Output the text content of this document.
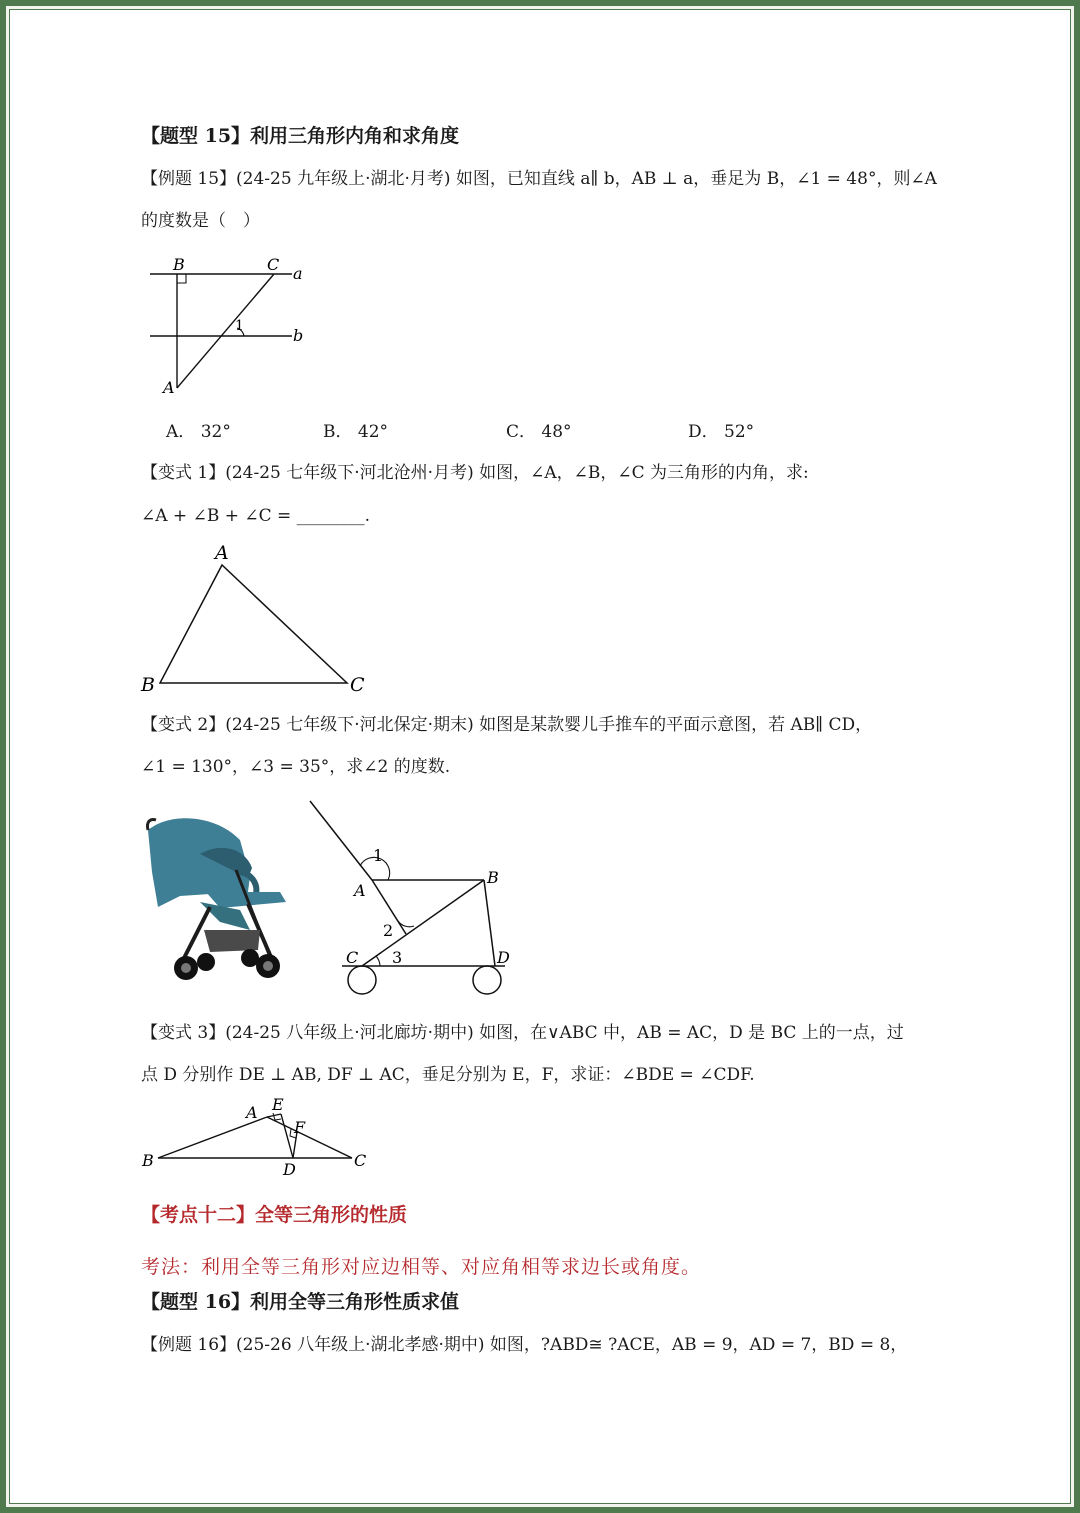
【题型 15】利用三角形内角和求角度
【例题 15】(24-25 九年级上·湖北·月考) 如图，已知直线 a∥ b，AB ⊥ a，垂足为 B，∠1 = 48°，则∠A
的度数是（　）
B	C a
b
A
1
A． 32°	B． 42°	C． 48°	D． 52°
【变式 1】(24-25 七年级下·河北沧州·月考) 如图，∠A，∠B，∠C 为三角形的内角，求:
∠A + ∠B + ∠C = ________.
A
B	C
【变式 2】(24-25 七年级下·河北保定·期末) 如图是某款婴儿手推车的平面示意图，若 AB∥ CD，
∠1 = 130°，∠3 = 35°，求∠2 的度数.
1
A
B
2
C 3	D
【变式 3】(24-25 八年级上·河北廊坊·期中) 如图，在∨ABC 中，AB = AC，D 是 BC 上的一点，过
点 D 分别作 DE ⊥ AB, DF ⊥ AC，垂足分别为 E，F，求证：∠BDE = ∠CDF.
A E
F
B	D	C
【考点十二】全等三角形的性质
考法：利用全等三角形对应边相等、对应角相等求边长或角度。
【题型 16】利用全等三角形性质求值
【例题 16】(25-26 八年级上·湖北孝感·期中) 如图，?ABD≅ ?ACE，AB = 9，AD = 7，BD = 8，
